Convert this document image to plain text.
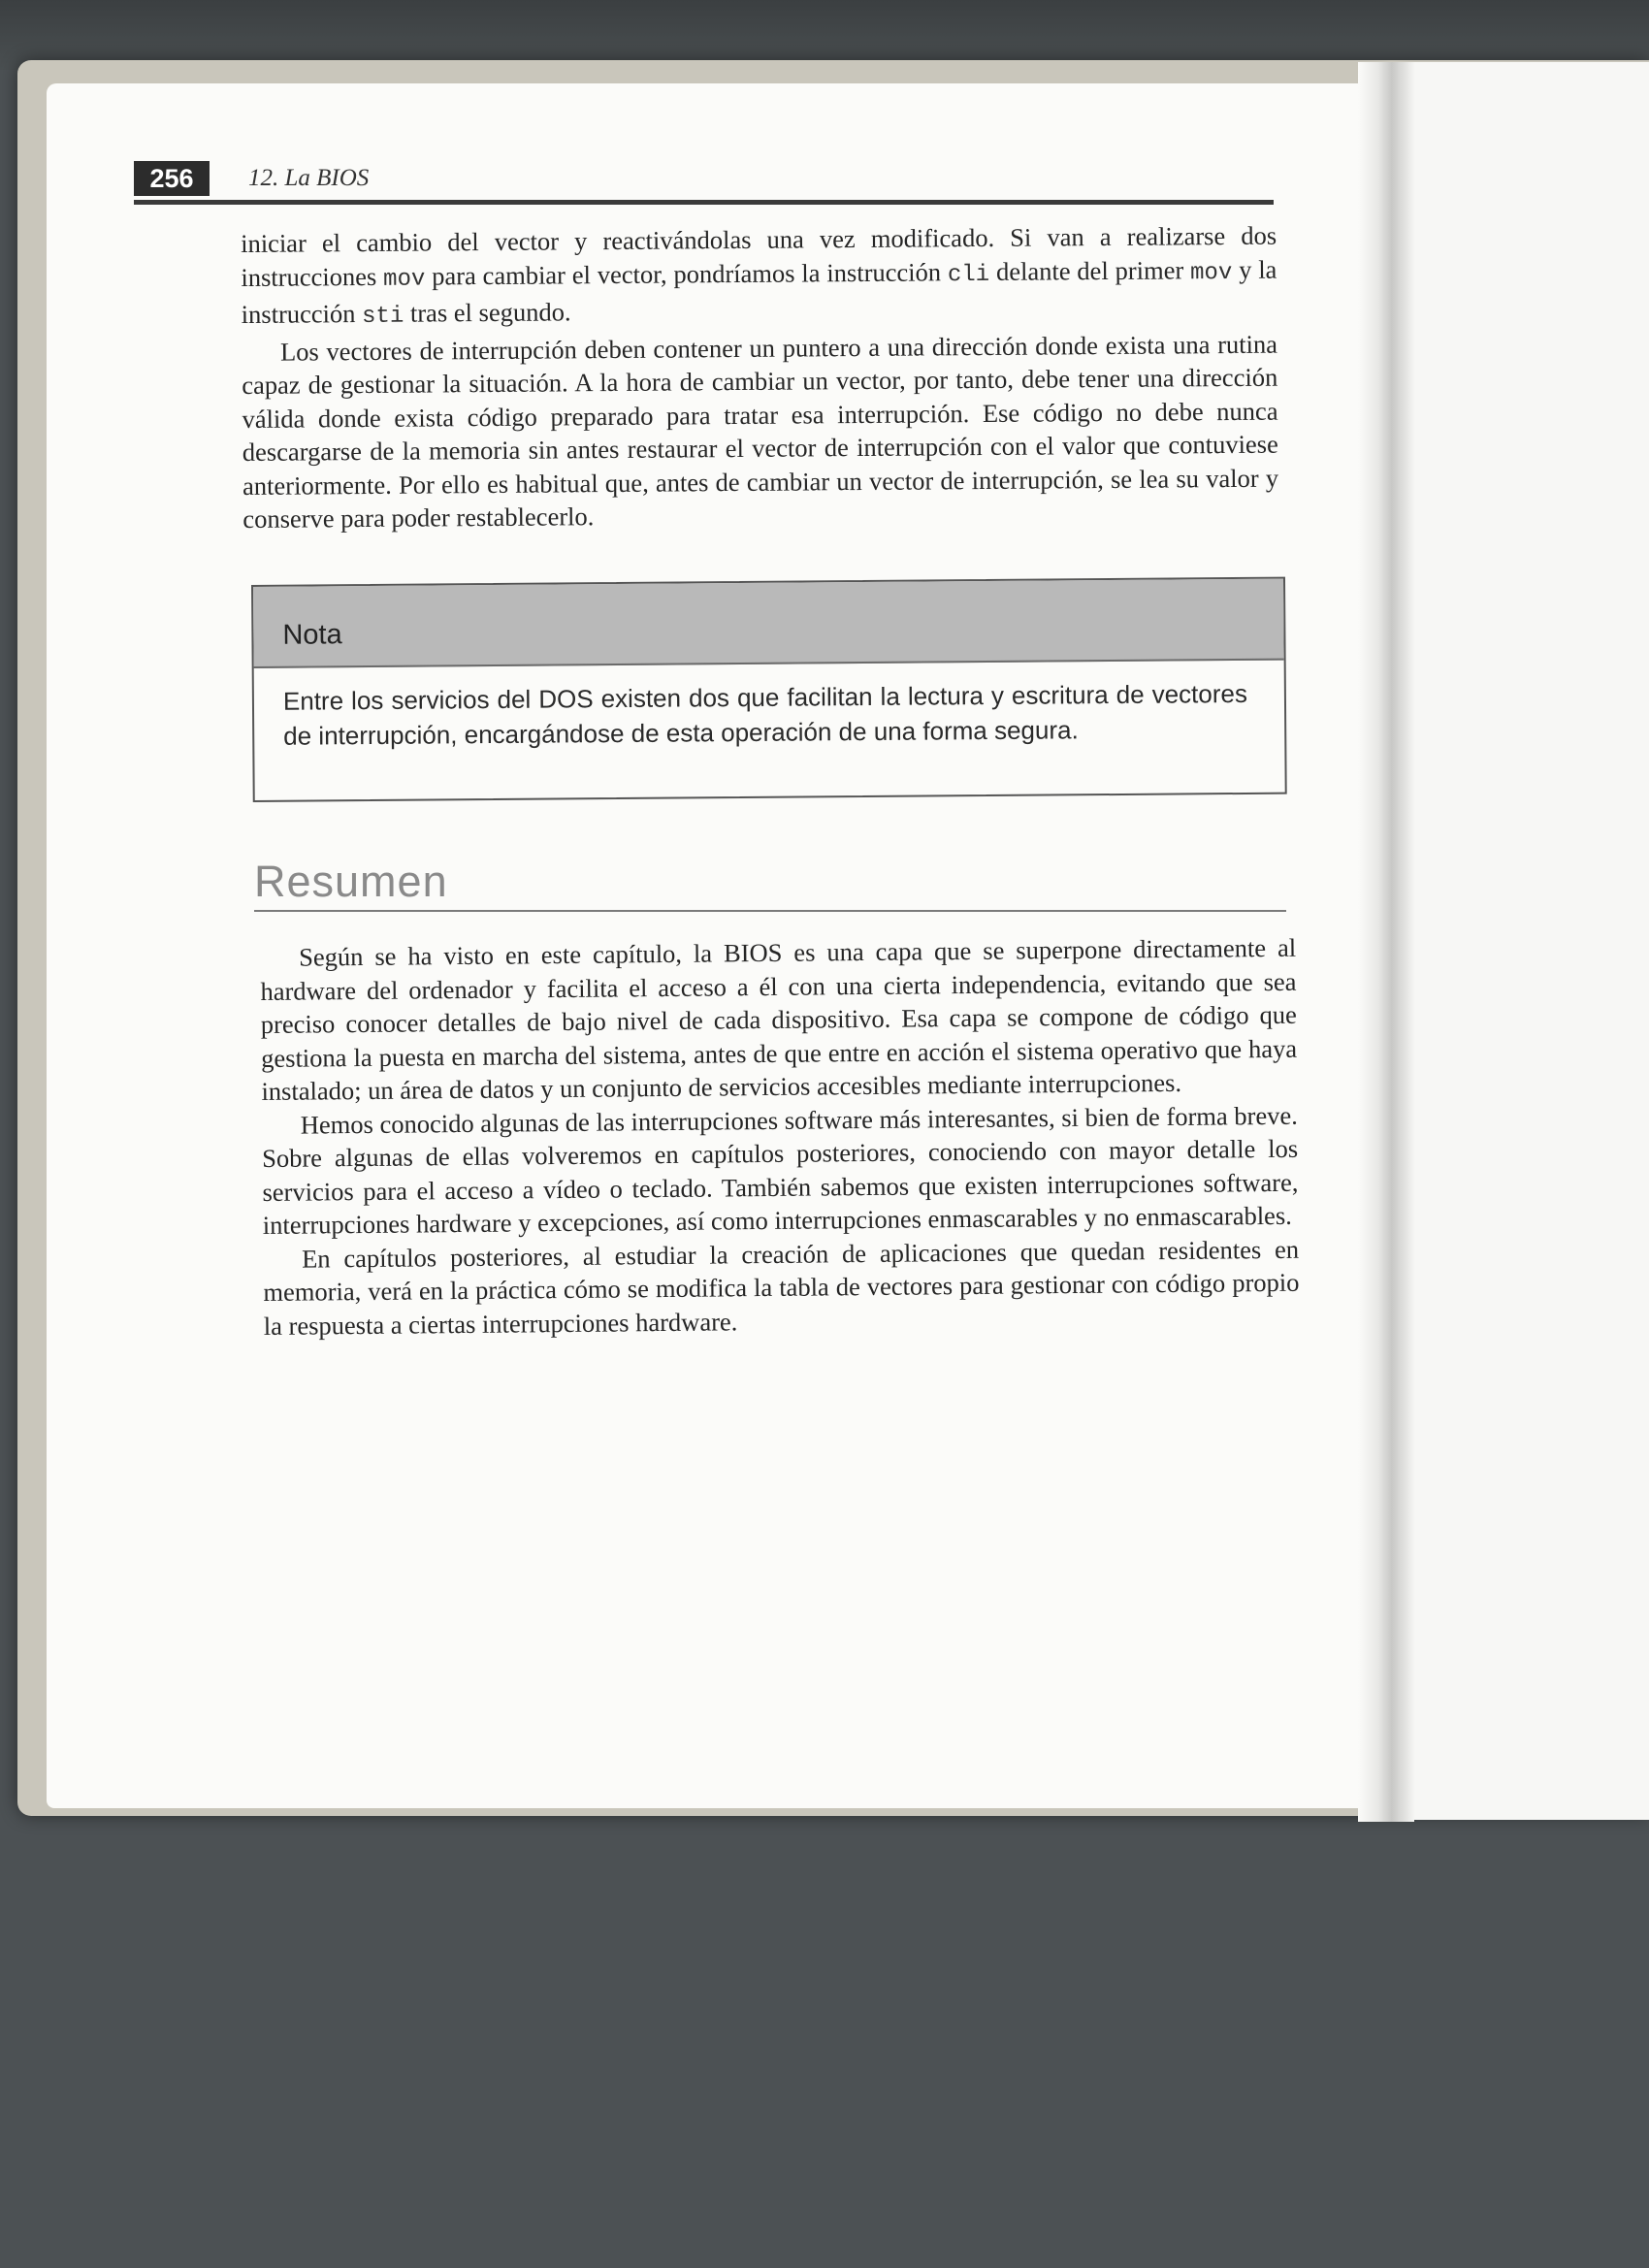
256	12. La BIOS

iniciar el cambio del vector y reactivándolas una vez modificado. Si van a realizarse dos instrucciones mov para cambiar el vector, pondríamos la instrucción cli delante del primer mov y la instrucción sti tras el segundo.

Los vectores de interrupción deben contener un puntero a una dirección donde exista una rutina capaz de gestionar la situación. A la hora de cambiar un vector, por tanto, debe tener una dirección válida donde exista código preparado para tratar esa interrupción. Ese código no debe nunca descargarse de la memoria sin antes restaurar el vector de interrupción con el valor que contuviese anteriormente. Por ello es habitual que, antes de cambiar un vector de interrupción, se lea su valor y conserve para poder restablecerlo.

Nota
Entre los servicios del DOS existen dos que facilitan la lectura y escritura de vectores de interrupción, encargándose de esta operación de una forma segura.
Resumen

Según se ha visto en este capítulo, la BIOS es una capa que se superpone directamente al hardware del ordenador y facilita el acceso a él con una cierta independencia, evitando que sea preciso conocer detalles de bajo nivel de cada dispositivo. Esa capa se compone de código que gestiona la puesta en marcha del sistema, antes de que entre en acción el sistema operativo que haya instalado; un área de datos y un conjunto de servicios accesibles mediante interrupciones.

Hemos conocido algunas de las interrupciones software más interesantes, si bien de forma breve. Sobre algunas de ellas volveremos en capítulos posteriores, conociendo con mayor detalle los servicios para el acceso a vídeo o teclado. También sabemos que existen interrupciones software, interrupciones hardware y excepciones, así como interrupciones enmascarables y no enmascarables.

En capítulos posteriores, al estudiar la creación de aplicaciones que quedan residentes en memoria, verá en la práctica cómo se modifica la tabla de vectores para gestionar con código propio la respuesta a ciertas interrupciones hardware.
